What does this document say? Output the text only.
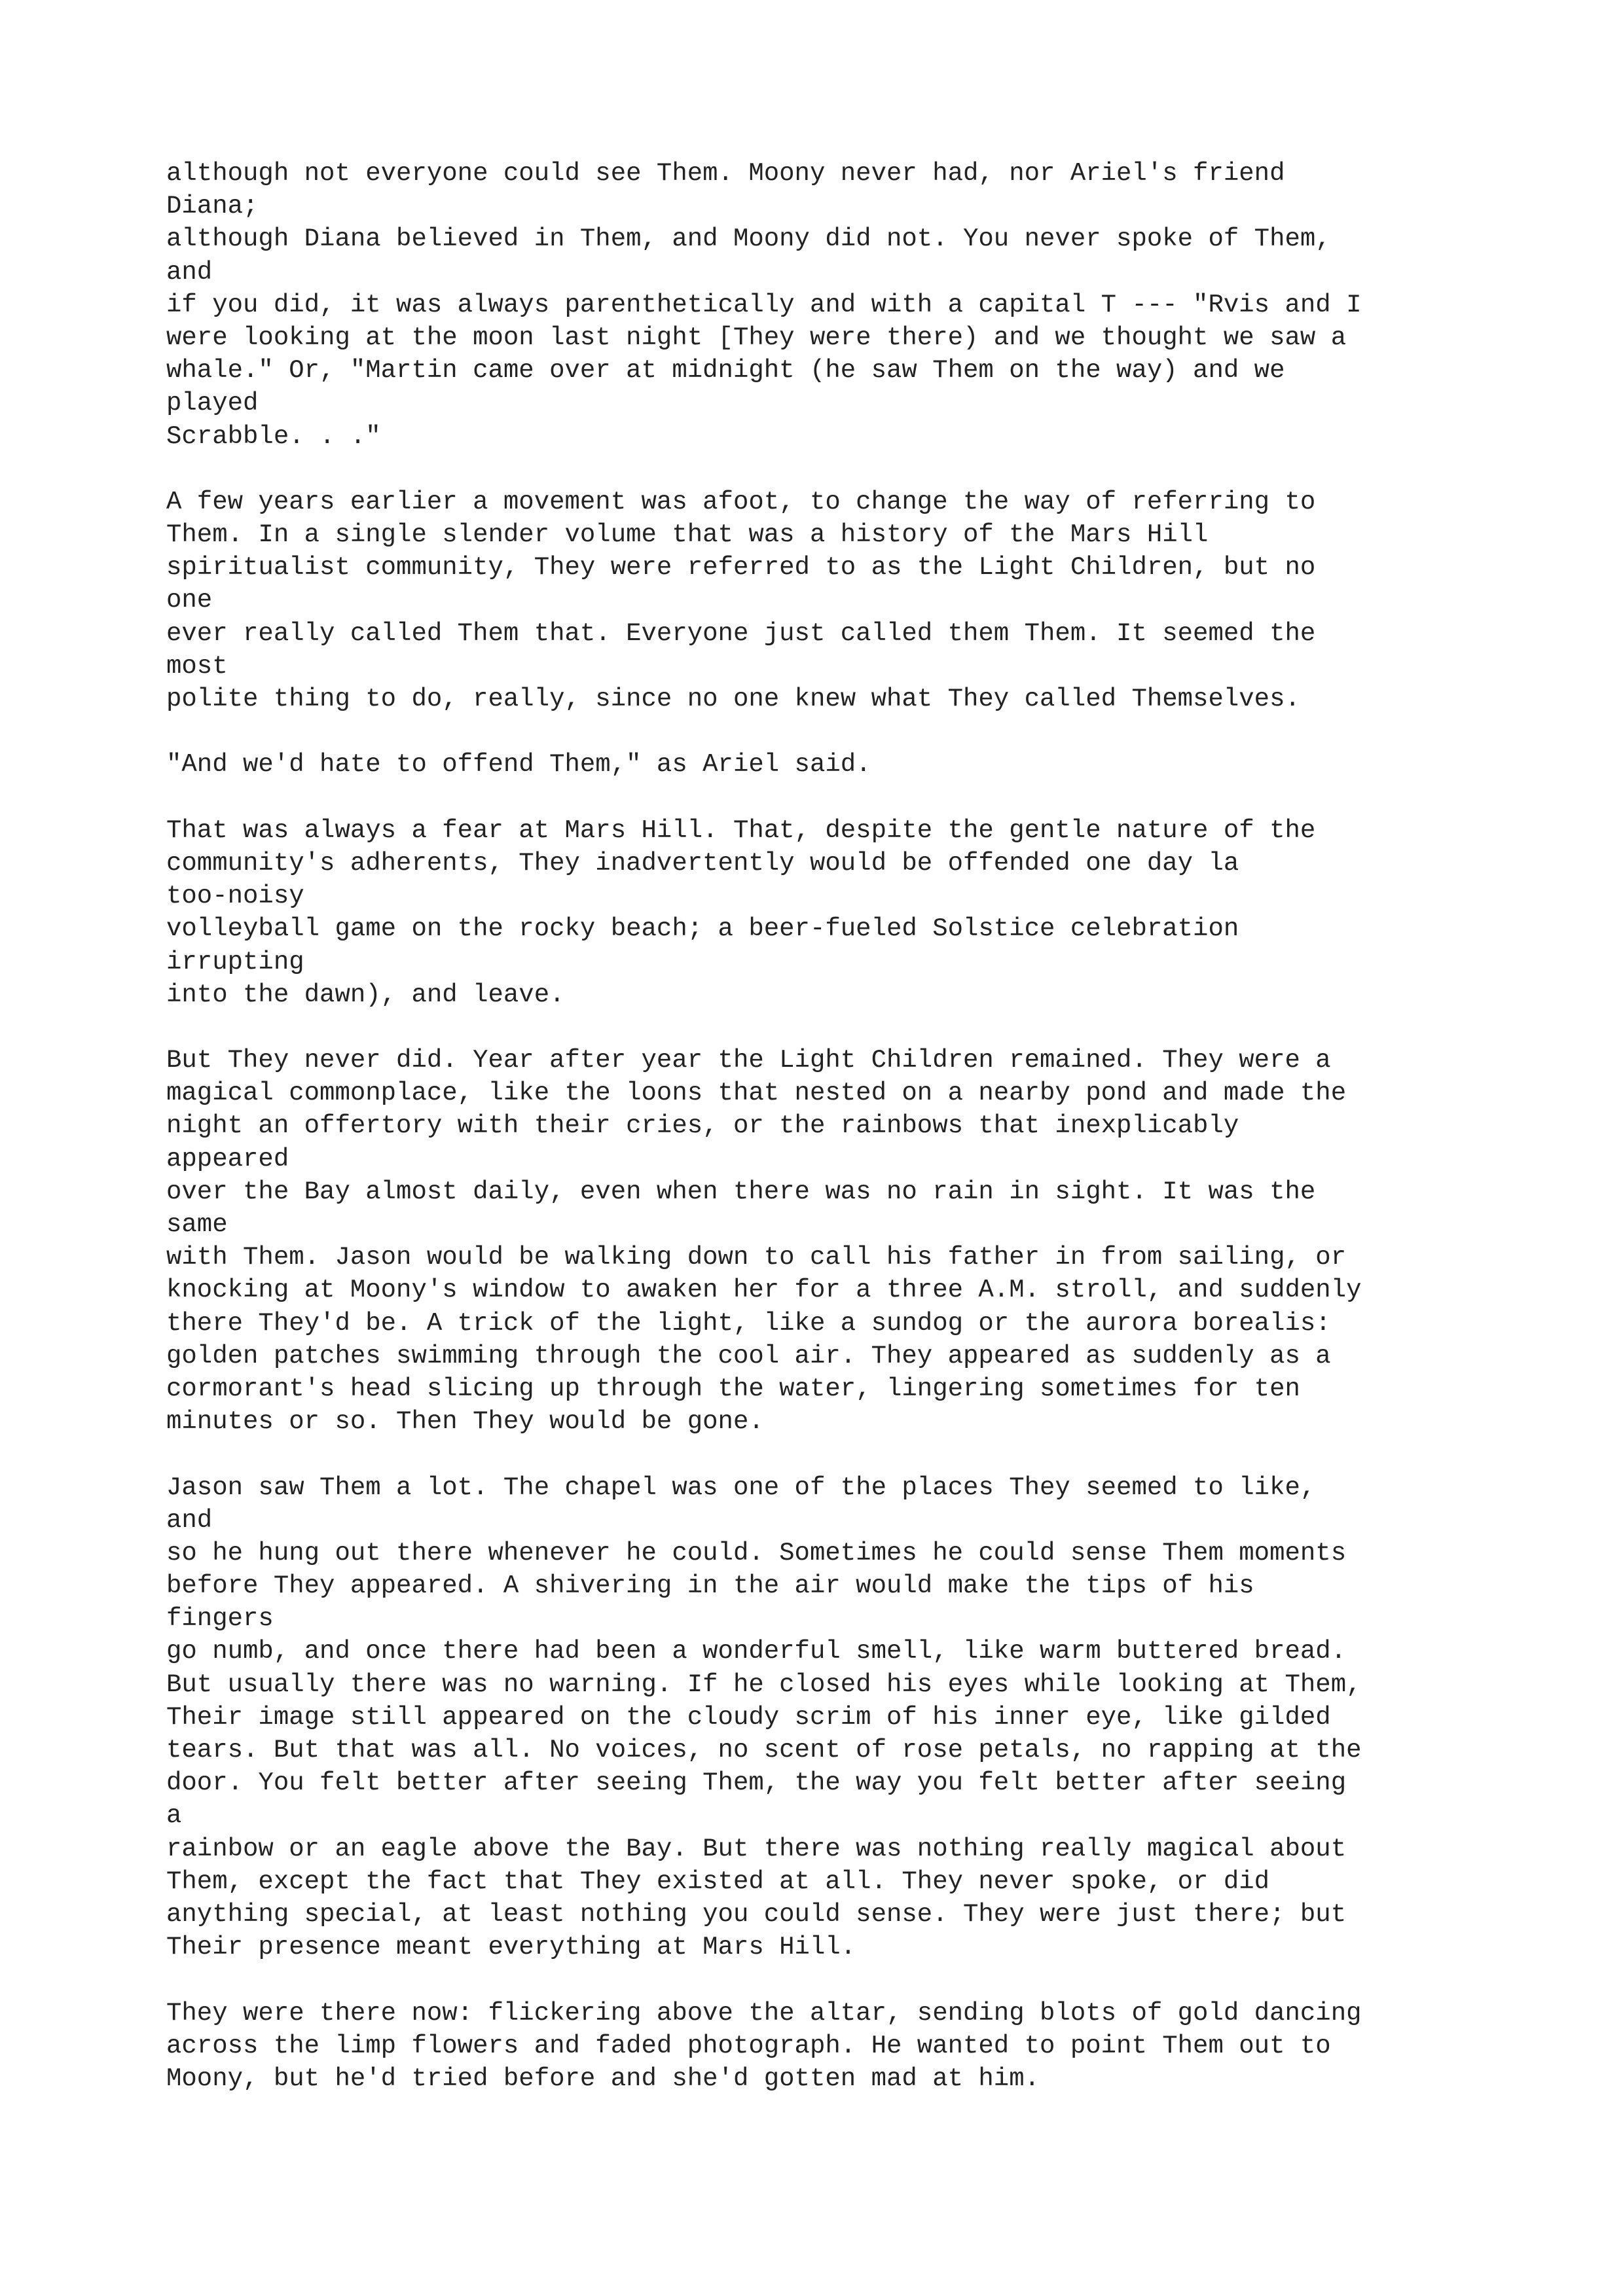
although not everyone could see Them. Moony never had, nor Ariel's friend
Diana;
although Diana believed in Them, and Moony did not. You never spoke of Them,
and
if you did, it was always parenthetically and with a capital T --- "Rvis and I
were looking at the moon last night [They were there) and we thought we saw a
whale." Or, "Martin came over at midnight (he saw Them on the way) and we
played
Scrabble. . ."
A few years earlier a movement was afoot, to change the way of referring to
Them. In a single slender volume that was a history of the Mars Hill
spiritualist community, They were referred to as the Light Children, but no
one
ever really called Them that. Everyone just called them Them. It seemed the
most
polite thing to do, really, since no one knew what They called Themselves.
"And we'd hate to offend Them," as Ariel said.
That was always a fear at Mars Hill. That, despite the gentle nature of the
community's adherents, They inadvertently would be offended one day la
too-noisy
volleyball game on the rocky beach; a beer-fueled Solstice celebration
irrupting
into the dawn), and leave.
But They never did. Year after year the Light Children remained. They were a
magical commonplace, like the loons that nested on a nearby pond and made the
night an offertory with their cries, or the rainbows that inexplicably
appeared
over the Bay almost daily, even when there was no rain in sight. It was the
same
with Them. Jason would be walking down to call his father in from sailing, or
knocking at Moony's window to awaken her for a three A.M. stroll, and suddenly
there They'd be. A trick of the light, like a sundog or the aurora borealis:
golden patches swimming through the cool air. They appeared as suddenly as a
cormorant's head slicing up through the water, lingering sometimes for ten
minutes or so. Then They would be gone.
Jason saw Them a lot. The chapel was one of the places They seemed to like,
and
so he hung out there whenever he could. Sometimes he could sense Them moments
before They appeared. A shivering in the air would make the tips of his
fingers
go numb, and once there had been a wonderful smell, like warm buttered bread.
But usually there was no warning. If he closed his eyes while looking at Them,
Their image still appeared on the cloudy scrim of his inner eye, like gilded
tears. But that was all. No voices, no scent of rose petals, no rapping at the
door. You felt better after seeing Them, the way you felt better after seeing
a
rainbow or an eagle above the Bay. But there was nothing really magical about
Them, except the fact that They existed at all. They never spoke, or did
anything special, at least nothing you could sense. They were just there; but
Their presence meant everything at Mars Hill.
They were there now: flickering above the altar, sending blots of gold dancing
across the limp flowers and faded photograph. He wanted to point Them out to
Moony, but he'd tried before and she'd gotten mad at him.
